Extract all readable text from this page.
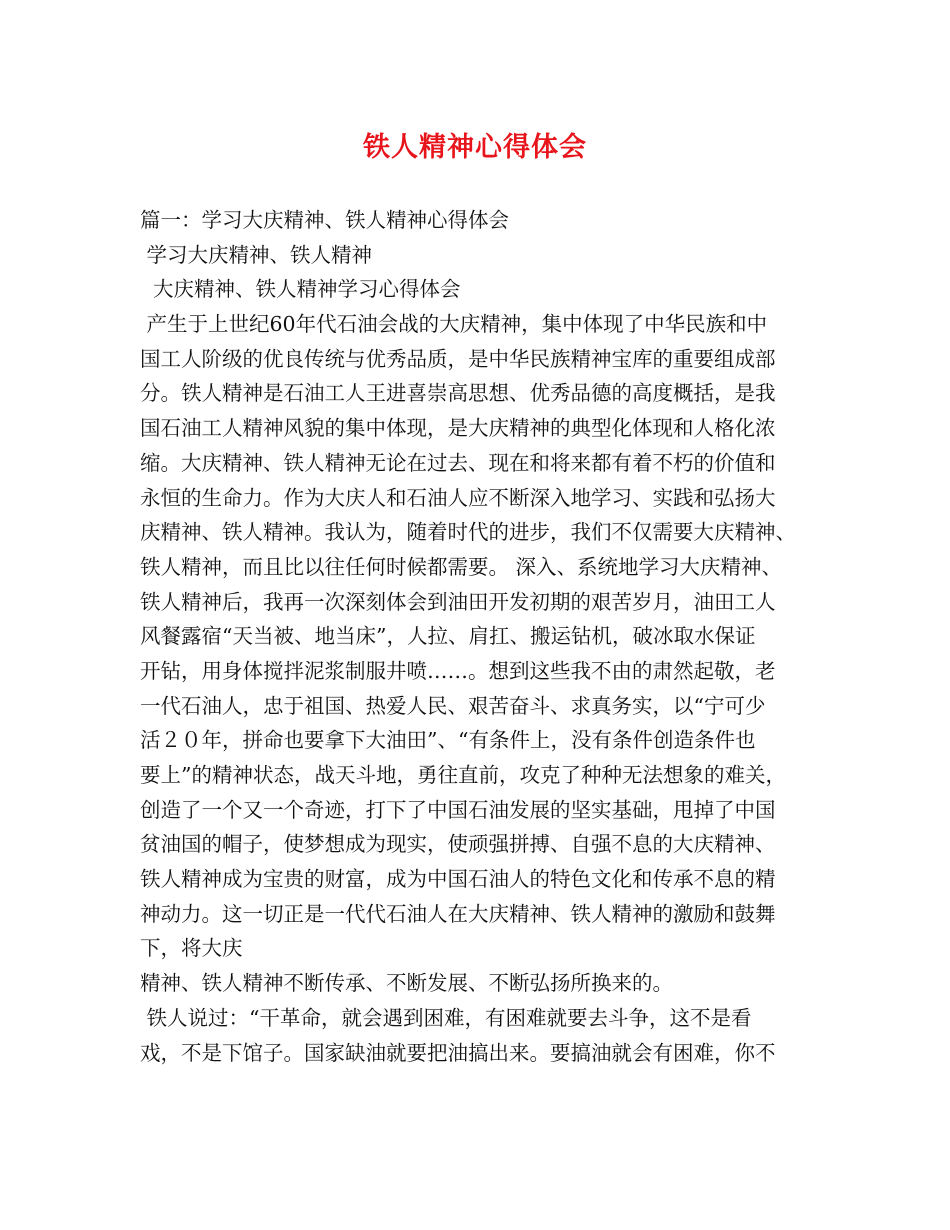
铁人精神心得体会
篇一：学习大庆精神、铁人精神心得体会
学习大庆精神、铁人精神
大庆精神、铁人精神学习心得体会
产生于上世纪60年代石油会战的大庆精神，集中体现了中华民族和中
国工人阶级的优良传统与优秀品质，是中华民族精神宝库的重要组成部
分。铁人精神是石油工人王进喜崇高思想、优秀品德的高度概括，是我
国石油工人精神风貌的集中体现，是大庆精神的典型化体现和人格化浓
缩。大庆精神、铁人精神无论在过去、现在和将来都有着不朽的价值和
永恒的生命力。作为大庆人和石油人应不断深入地学习、实践和弘扬大
庆精神、铁人精神。我认为，随着时代的进步，我们不仅需要大庆精神、
铁人精神，而且比以往任何时候都需要。 深入、系统地学习大庆精神、
铁人精神后，我再一次深刻体会到油田开发初期的艰苦岁月，油田工人
风餐露宿“天当被、地当床”，人拉、肩扛、搬运钻机，破冰取水保证
开钻，用身体搅拌泥浆制服井喷……。想到这些我不由的肃然起敬，老
一代石油人，忠于祖国、热爱人民、艰苦奋斗、求真务实，以“宁可少
活２０年，拼命也要拿下大油田”、“有条件上，没有条件创造条件也
要上”的精神状态，战天斗地，勇往直前，攻克了种种无法想象的难关，
创造了一个又一个奇迹，打下了中国石油发展的坚实基础，甩掉了中国
贫油国的帽子，使梦想成为现实，使顽强拼搏、自强不息的大庆精神、
铁人精神成为宝贵的财富，成为中国石油人的特色文化和传承不息的精
神动力。这一切正是一代代石油人在大庆精神、铁人精神的激励和鼓舞
下，将大庆
精神、铁人精神不断传承、不断发展、不断弘扬所换来的。
铁人说过：“干革命，就会遇到困难，有困难就要去斗争，这不是看
戏，不是下馆子。国家缺油就要把油搞出来。要搞油就会有困难，你不
